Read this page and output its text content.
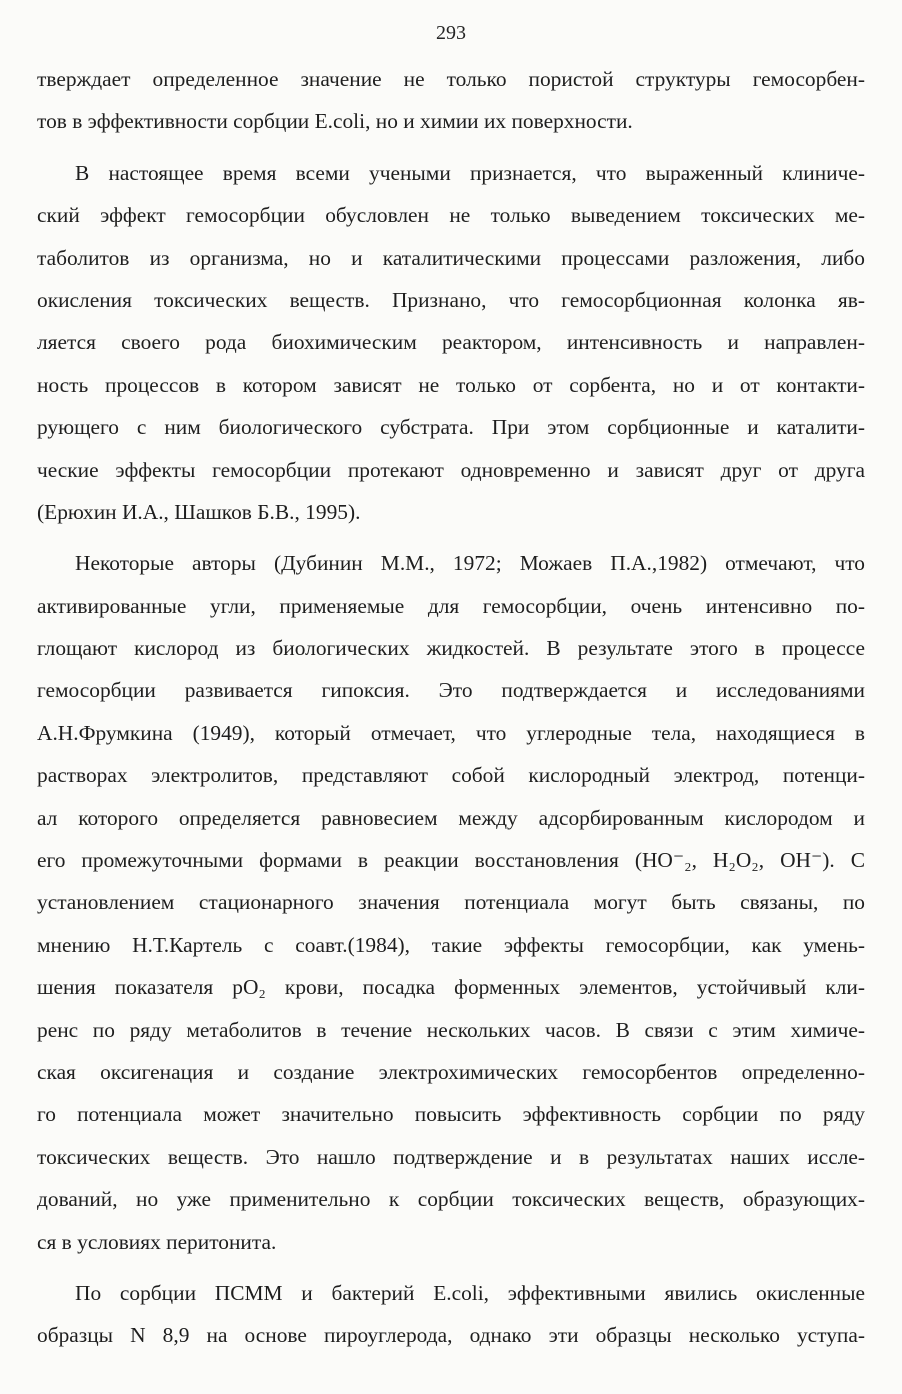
293
тверждает определенное значение не только пористой структуры гемосорбен-
тов в эффективности сорбции E.coli, но и химии их поверхности.
В настоящее время всеми учеными признается, что выраженный клиниче-
ский эффект гемосорбции обусловлен не только выведением токсических ме-
таболитов из организма, но и каталитическими процессами разложения, либо
окисления токсических веществ. Признано, что гемосорбционная колонка яв-
ляется своего рода биохимическим реактором, интенсивность и направлен-
ность процессов в котором зависят не только от сорбента, но и от контакти-
рующего с ним биологического субстрата. При этом сорбционные и каталити-
ческие эффекты гемосорбции протекают одновременно и зависят друг от друга
(Ерюхин И.А., Шашков Б.В., 1995).
Некоторые авторы (Дубинин М.М., 1972; Можаев П.А.,1982) отмечают, что
активированные угли, применяемые для гемосорбции, очень интенсивно по-
глощают кислород из биологических жидкостей. В результате этого в процессе
гемосорбции развивается гипоксия. Это подтверждается и исследованиями
А.Н.Фрумкина (1949), который отмечает, что углеродные тела, находящиеся в
растворах электролитов, представляют собой кислородный электрод, потенци-
ал которого определяется равновесием между адсорбированным кислородом и
его промежуточными формами в реакции восстановления (HO⁻₂, H₂O₂, OH⁻). С
установлением стационарного значения потенциала могут быть связаны, по
мнению Н.Т.Картель с соавт.(1984), такие эффекты гемосорбции, как умень-
шения показателя pO₂ крови, посадка форменных элементов, устойчивый кли-
ренс по ряду метаболитов в течение нескольких часов. В связи с этим химиче-
ская оксигенация и создание электрохимических гемосорбентов определенно-
го потенциала может значительно повысить эффективность сорбции по ряду
токсических веществ. Это нашло подтверждение и в результатах наших иссле-
дований, но уже применительно к сорбции токсических веществ, образующих-
ся в условиях перитонита.
По сорбции ПСММ и бактерий E.coli, эффективными явились окисленные
образцы N 8,9 на основе пироуглерода, однако эти образцы несколько уступа-
